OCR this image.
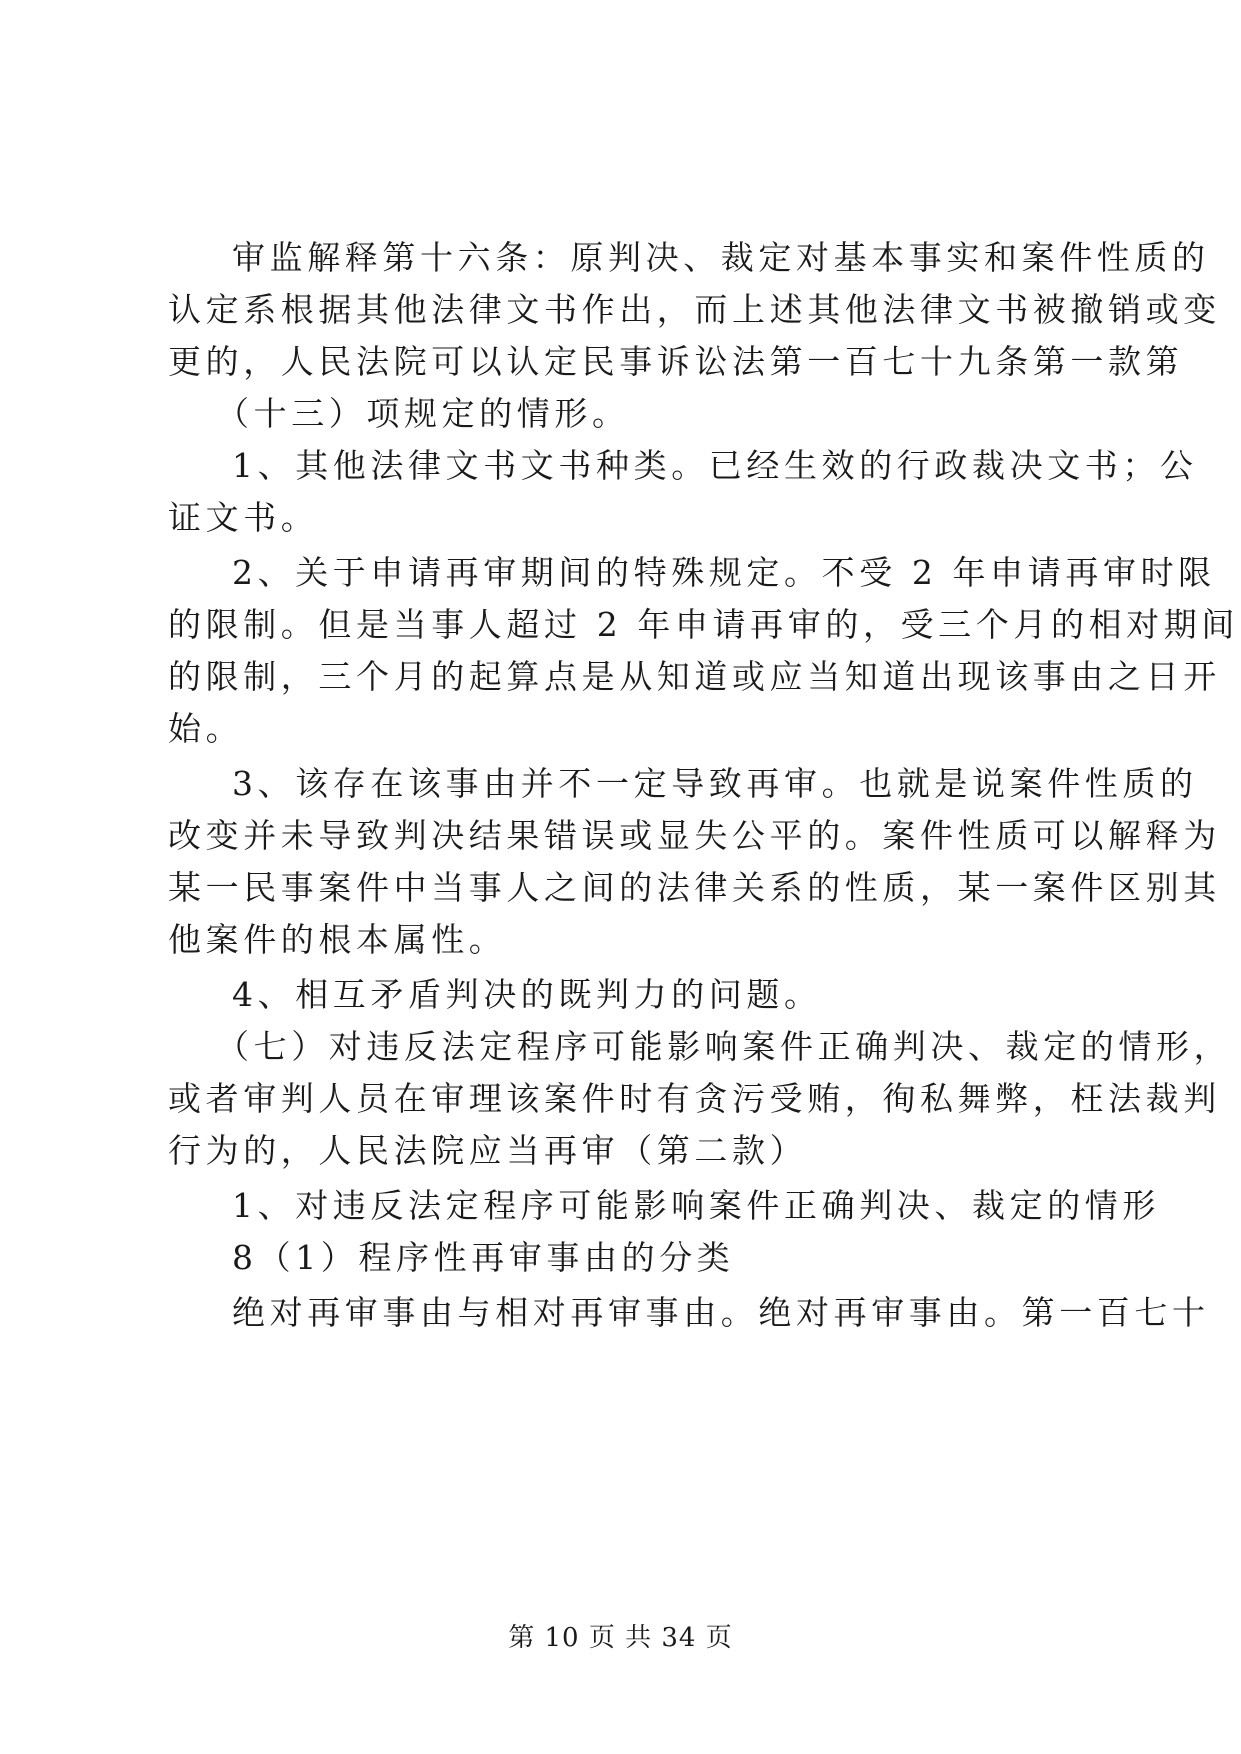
审监解释第十六条：原判决、裁定对基本事实和案件性质的
认定系根据其他法律文书作出，而上述其他法律文书被撤销或变
更的，人民法院可以认定民事诉讼法第一百七十九条第一款第
（十三）项规定的情形。
1、其他法律文书文书种类。已经生效的行政裁决文书；公
证文书。
2、关于申请再审期间的特殊规定。不受 2 年申请再审时限
的限制。但是当事人超过 2 年申请再审的，受三个月的相对期间
的限制，三个月的起算点是从知道或应当知道出现该事由之日开
始。
3、该存在该事由并不一定导致再审。也就是说案件性质的
改变并未导致判决结果错误或显失公平的。案件性质可以解释为
某一民事案件中当事人之间的法律关系的性质，某一案件区别其
他案件的根本属性。
4、相互矛盾判决的既判力的问题。
（七）对违反法定程序可能影响案件正确判决、裁定的情形，
或者审判人员在审理该案件时有贪污受贿，徇私舞弊，枉法裁判
行为的，人民法院应当再审（第二款）
1、对违反法定程序可能影响案件正确判决、裁定的情形
8（1）程序性再审事由的分类
绝对再审事由与相对再审事由。绝对再审事由。第一百七十
第 10 页 共 34 页
